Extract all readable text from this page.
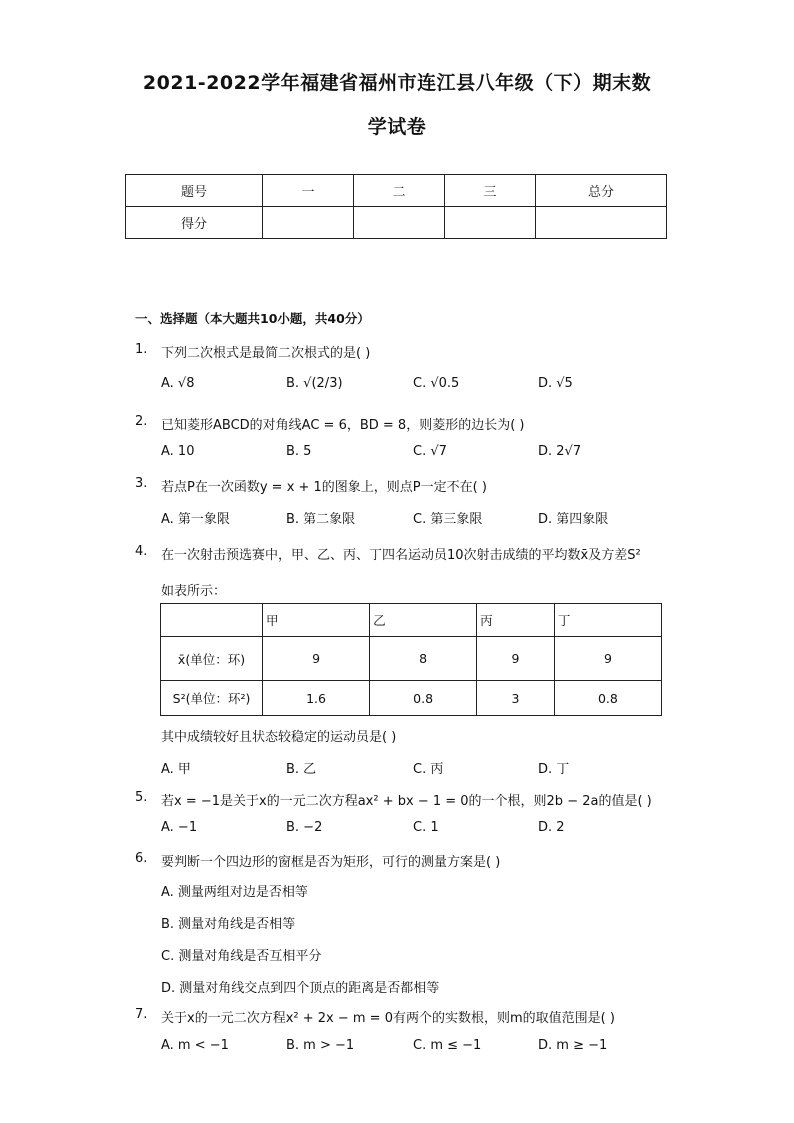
2021-2022学年福建省福州市连江县八年级（下）期末数
学试卷
题号	一	二	三	总分
得分				
一、选择题（本大题共10小题，共40分）
1. 下列二次根式是最简二次根式的是( )
A. √8	B. √(2/3)	C. √0.5	D. √5
2. 已知菱形ABCD的对角线AC = 6，BD = 8，则菱形的边长为( )
A. 10	B. 5	C. √7	D. 2√7
3. 若点P在一次函数y = x + 1的图象上，则点P一定不在( )
A. 第一象限	B. 第二象限	C. 第三象限	D. 第四象限
4. 在一次射击预选赛中，甲、乙、丙、丁四名运动员10次射击成绩的平均数x̄及方差S²
如表所示：
	甲	乙	丙	丁
x̄(单位：环)	9	8	9	9
S²(单位：环²)	1.6	0.8	3	0.8
其中成绩较好且状态较稳定的运动员是( )
A. 甲	B. 乙	C. 丙	D. 丁
5. 若x = −1是关于x的一元二次方程ax² + bx − 1 = 0的一个根，则2b − 2a的值是( )
A. −1	B. −2	C. 1	D. 2
6. 要判断一个四边形的窗框是否为矩形，可行的测量方案是( )
A. 测量两组对边是否相等
B. 测量对角线是否相等
C. 测量对角线是否互相平分
D. 测量对角线交点到四个顶点的距离是否都相等
7. 关于x的一元二次方程x² + 2x − m = 0有两个的实数根，则m的取值范围是( )
A. m < −1	B. m > −1	C. m ≤ −1	D. m ≥ −1
